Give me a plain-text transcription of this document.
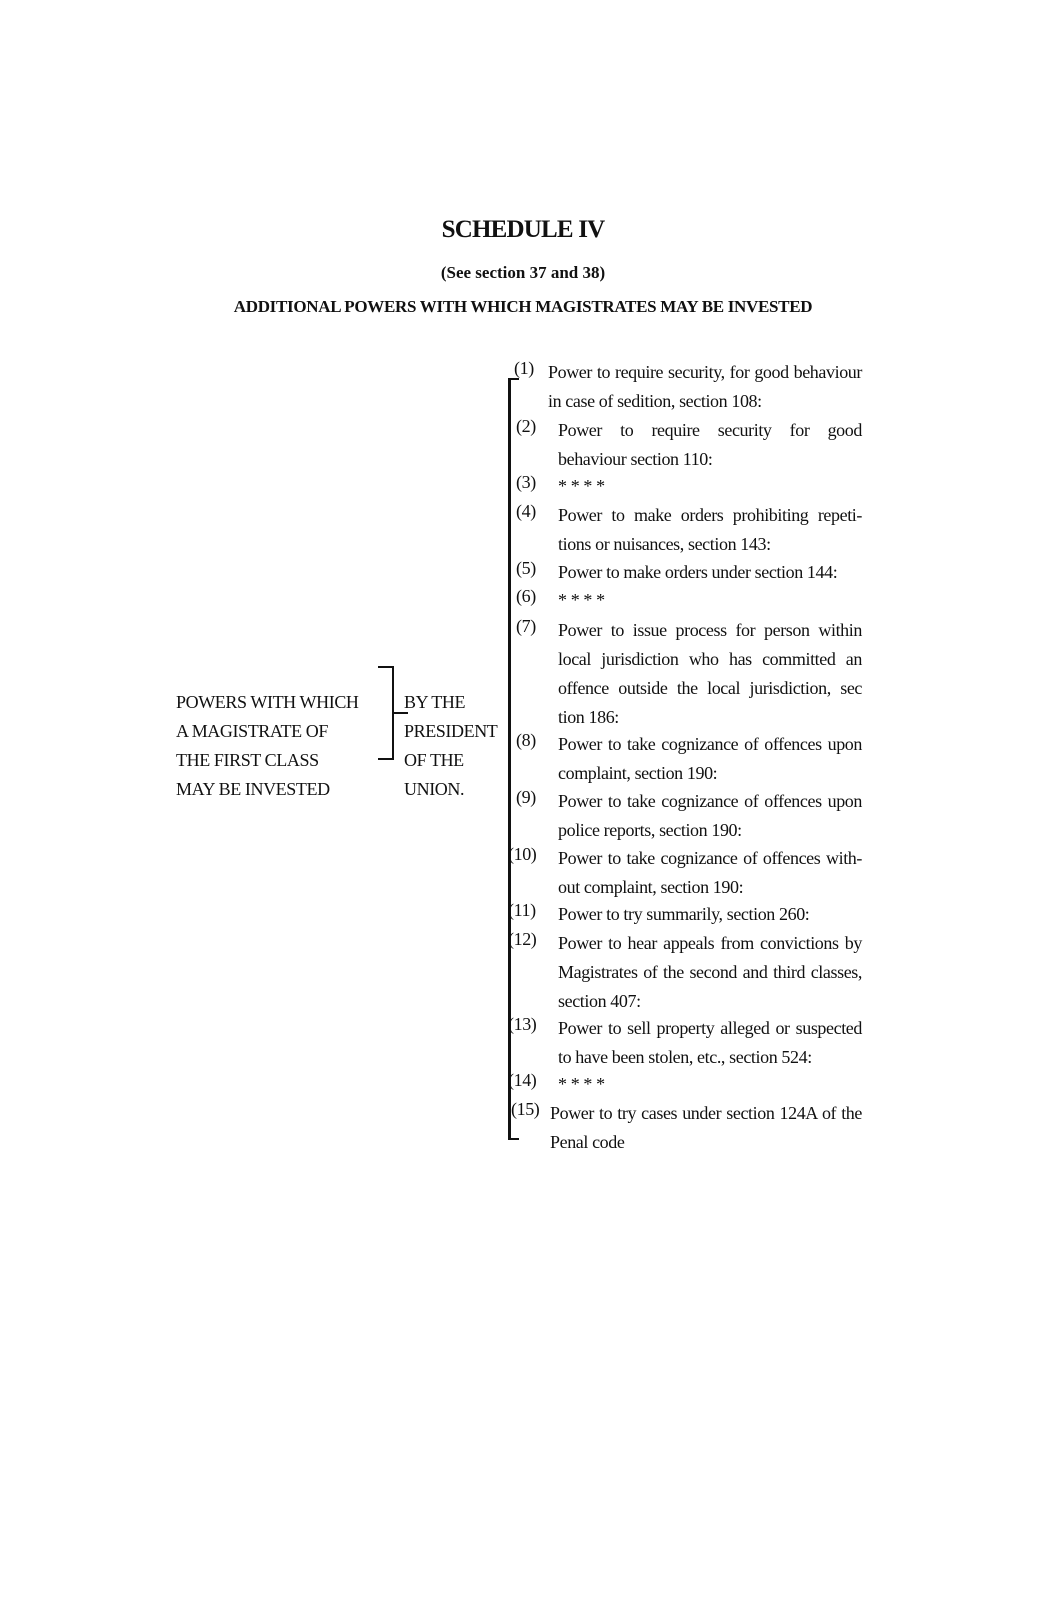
SCHEDULE IV
(See section 37 and 38)
ADDITIONAL POWERS WITH WHICH MAGISTRATES MAY BE INVESTED
POWERS WITH WHICH
A MAGISTRATE OF
THE FIRST CLASS
MAY BE INVESTED
BY THE
PRESIDENT
OF THE
UNION.
(1) Power to require security, for good behaviour in case of sedition, section 108:
(2) Power to require security for good behaviour section 110:
(3) * * * *
(4) Power to make orders prohibiting repeti- tions or nuisances, section 143:
(5) Power to make orders under section 144:
(6) * * * *
(7) Power to issue process for person within local jurisdiction who has committed an offence outside the local jurisdiction, sec tion 186:
(8) Power to take cognizance of offences upon complaint, section 190:
(9) Power to take cognizance of offences upon police reports, section 190:
(10) Power to take cognizance of offences with- out complaint, section 190:
(11) Power to try summarily, section 260:
(12) Power to hear appeals from convictions by Magistrates of the second and third classes, section 407:
(13) Power to sell property alleged or suspected to have been stolen, etc., section 524:
(14) * * * *
(15) Power to try cases under section 124A of the Penal code
